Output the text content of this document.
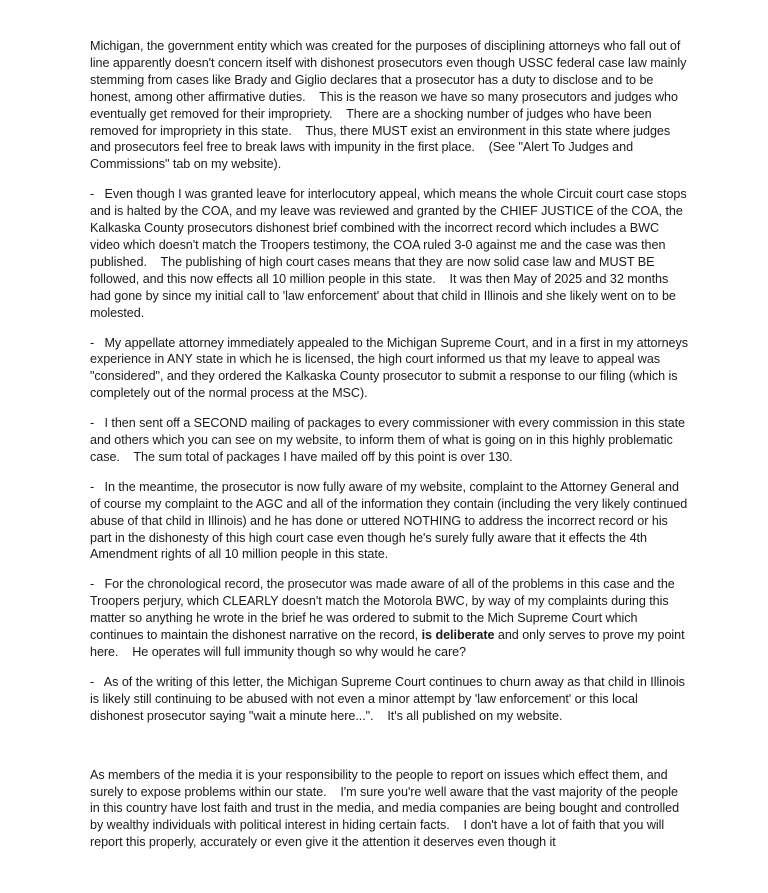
Michigan, the government entity which was created for the purposes of disciplining attorneys who fall out of line apparently doesn't concern itself with dishonest prosecutors even though USSC federal case law mainly stemming from cases like Brady and Giglio declares that a prosecutor has a duty to disclose and to be honest, among other affirmative duties.    This is the reason we have so many prosecutors and judges who eventually get removed for their impropriety.    There are a shocking number of judges who have been removed for impropriety in this state.    Thus, there MUST exist an environment in this state where judges and prosecutors feel free to break laws with impunity in the first place.    (See "Alert To Judges and Commissions" tab on my website).

-   Even though I was granted leave for interlocutory appeal, which means the whole Circuit court case stops and is halted by the COA, and my leave was reviewed and granted by the CHIEF JUSTICE of the COA, the Kalkaska County prosecutors dishonest brief combined with the incorrect record which includes a BWC video which doesn't match the Troopers testimony, the COA ruled 3-0 against me and the case was then published.    The publishing of high court cases means that they are now solid case law and MUST BE followed, and this now effects all 10 million people in this state.    It was then May of 2025 and 32 months had gone by since my initial call to 'law enforcement' about that child in Illinois and she likely went on to be molested.

-   My appellate attorney immediately appealed to the Michigan Supreme Court, and in a first in my attorneys experience in ANY state in which he is licensed, the high court informed us that my leave to appeal was "considered", and they ordered the Kalkaska County prosecutor to submit a response to our filing (which is completely out of the normal process at the MSC).

-   I then sent off a SECOND mailing of packages to every commissioner with every commission in this state and others which you can see on my website, to inform them of what is going on in this highly problematic case.    The sum total of packages I have mailed off by this point is over 130.

-   In the meantime, the prosecutor is now fully aware of my website, complaint to the Attorney General and of course my complaint to the AGC and all of the information they contain (including the very likely continued abuse of that child in Illinois) and he has done or uttered NOTHING to address the incorrect record or his part in the dishonesty of this high court case even though he's surely fully aware that it effects the 4th Amendment rights of all 10 million people in this state.

-   For the chronological record, the prosecutor was made aware of all of the problems in this case and the Troopers perjury, which CLEARLY doesn't match the Motorola BWC, by way of my complaints during this matter so anything he wrote in the brief he was ordered to submit to the Mich Supreme Court which continues to maintain the dishonest narrative on the record, is deliberate and only serves to prove my point here.    He operates will full immunity though so why would he care?

-   As of the writing of this letter, the Michigan Supreme Court continues to churn away as that child in Illinois is likely still continuing to be abused with not even a minor attempt by 'law enforcement' or this local dishonest prosecutor saying "wait a minute here...".    It's all published on my website.

As members of the media it is your responsibility to the people to report on issues which effect them, and surely to expose problems within our state.    I'm sure you're well aware that the vast majority of the people in this country have lost faith and trust in the media, and media companies are being bought and controlled by wealthy individuals with political interest in hiding certain facts.    I don't have a lot of faith that you will report this properly, accurately or even give it the attention it deserves even though it
